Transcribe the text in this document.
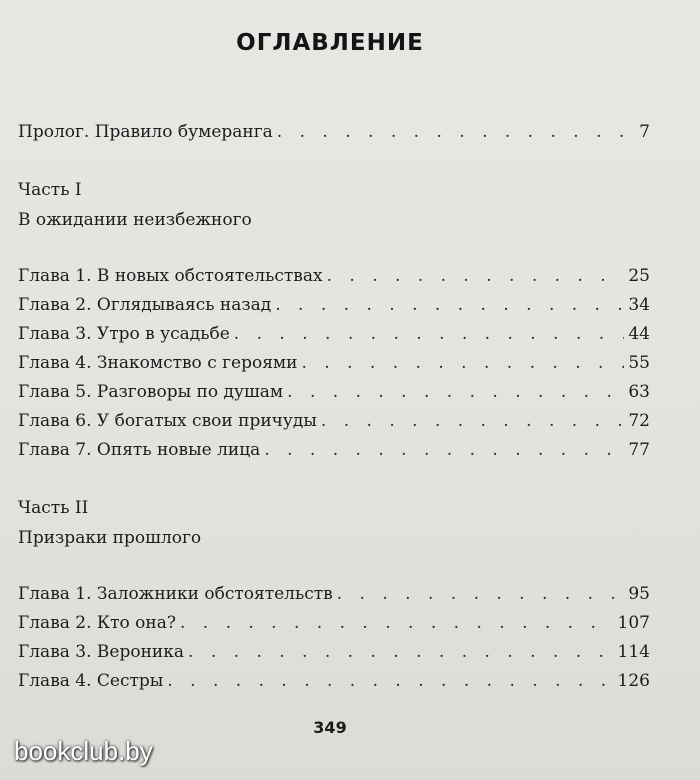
ОГЛАВЛЕНИЕ
Пролог. Правило бумеранга . . .	7
Часть I
В ожидании неизбежного
Глава 1. В новых обстоятельствах . . .	25
Глава 2. Оглядываясь назад . . .	34
Глава 3. Утро в усадьбе . . .	44
Глава 4. Знакомство с героями . . .	55
Глава 5. Разговоры по душам . . .	63
Глава 6. У богатых свои причуды . . .	72
Глава 7. Опять новые лица . . .	77
Часть II
Призраки прошлого
Глава 1. Заложники обстоятельств . . .	95
Глава 2. Кто она? . . .	107
Глава 3. Вероника . . .	114
Глава 4. Сестры . . .	126
349
bookclub.by
